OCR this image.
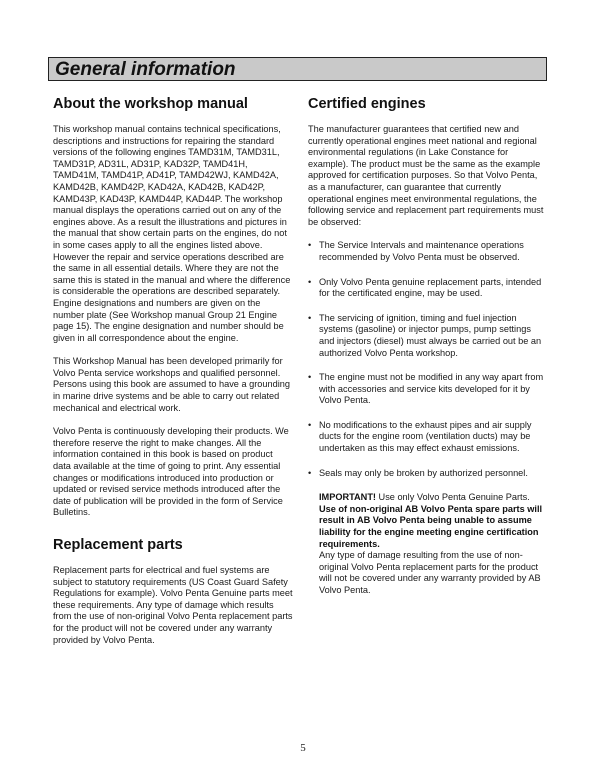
General information
About the workshop manual

This workshop manual contains technical specifications, descriptions and instructions for repairing the standard versions of the following engines TAMD31M, TAMD31L, TAMD31P, AD31L, AD31P, KAD32P, TAMD41H, TAMD41M, TAMD41P, AD41P, TAMD42WJ, KAMD42A, KAMD42B, KAMD42P, KAD42A, KAD42B, KAD42P, KAMD43P, KAD43P, KAMD44P, KAD44P. The workshop manual displays the operations carried out on any of the engines above. As a result the illustrations and pictures in the manual that show certain parts on the engines, do not in some cases apply to all the engines listed above. However the repair and service operations described are the same in all essential details. Where they are not the same this is stated in the manual and where the difference is considerable the operations are described separately. Engine designations and numbers are given on the number plate (See Workshop manual Group 21 Engine page 15). The engine designation and number should be given in all correspondence about the engine.

This Workshop Manual has been developed primarily for Volvo Penta service workshops and qualified personnel. Persons using this book are assumed to have a grounding in marine drive systems and be able to carry out related mechanical and electrical work.

Volvo Penta is continuously developing their products. We therefore reserve the right to make changes. All the information contained in this book is based on product data available at the time of going to print. Any essential changes or modifications introduced into production or updated or revised service methods introduced after the date of publication will be provided in the form of Service Bulletins.

Replacement parts

Replacement parts for electrical and fuel systems are subject to statutory requirements (US Coast Guard Safety Regulations for example). Volvo Penta Genuine parts meet these requirements. Any type of damage which results from the use of non-original Volvo Penta replacement parts for the product will not be covered under any warranty provided by Volvo Penta.

Certified engines

The manufacturer guarantees that certified new and currently operational engines meet national and regional environmental regulations (in Lake Constance for example). The product must be the same as the example approved for certification purposes. So that Volvo Penta, as a manufacturer, can guarantee that currently operational engines meet environmental regulations, the following service and replacement part requirements must be observed:

• The Service Intervals and maintenance operations recommended by Volvo Penta must be observed.
• Only Volvo Penta genuine replacement parts, intended for the certificated engine, may be used.
• The servicing of ignition, timing and fuel injection systems (gasoline) or injector pumps, pump settings and injectors (diesel) must always be carried out be an authorized Volvo Penta workshop.
• The engine must not be modified in any way apart from with accessories and service kits developed for it by Volvo Penta.
• No modifications to the exhaust pipes and air supply ducts for the engine room (ventilation ducts) may be undertaken as this may effect exhaust emissions.
• Seals may only be broken by authorized personnel.
IMPORTANT! Use only Volvo Penta Genuine Parts.
Use of non-original AB Volvo Penta spare parts will result in AB Volvo Penta being unable to assume liability for the engine meeting engine certification requirements.
Any type of damage resulting from the use of non-original Volvo Penta replacement parts for the product will not be covered under any warranty provided by AB Volvo Penta.
5
